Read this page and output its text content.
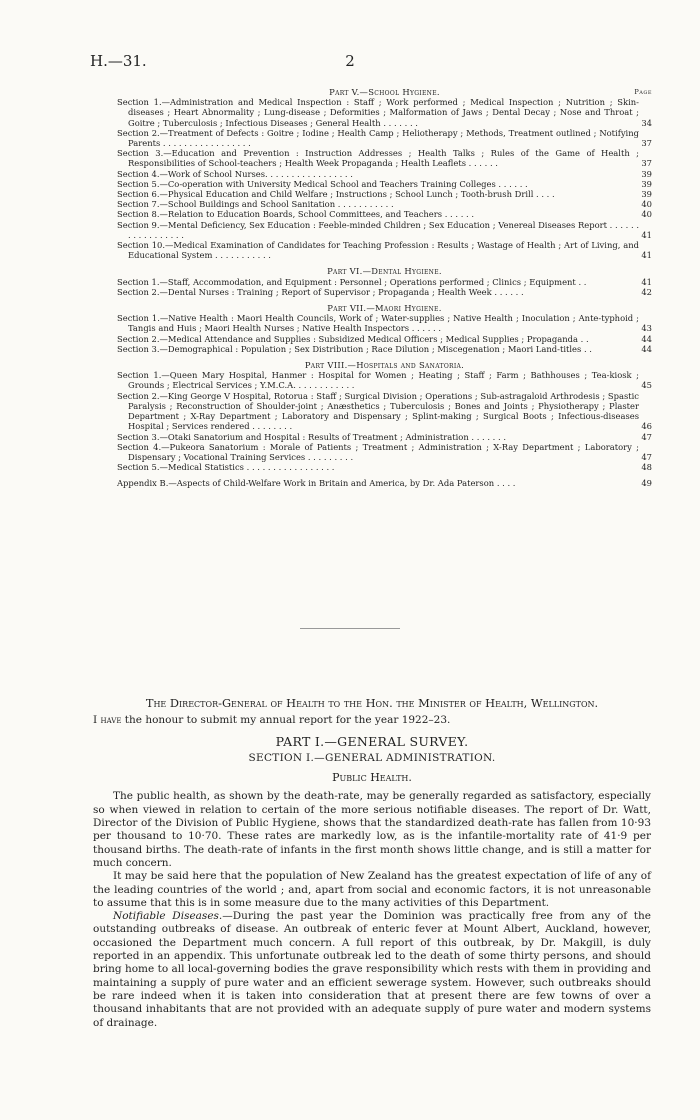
H.—31.	2
Page
Part V.—School Hygiene.
Section 1.—Administration and Medical Inspection : Staff ; Work performed ; Medical Inspection ; Nutrition ; Skin-diseases ; Heart Abnormality ; Lung-disease ; Deformities ; Malformation of Jaws ; Dental Decay ; Nose and Throat ; Goitre ; Tuberculosis ; Infectious Diseases ; General Health . . . . . . .	34
Section 2.—Treatment of Defects : Goitre ; Iodine ; Health Camp ; Heliotherapy ; Methods, Treatment outlined ; Notifying Parents . . . . . . . . . . . . . . . . .	37
Section 3.—Education and Prevention : Instruction Addresses ; Health Talks ; Rules of the Game of Health ; Responsibilities of School-teachers ; Health Week Propaganda ; Health Leaflets . . . . . .	37
Section 4.—Work of School Nurses. . . . . . . . . . . . . . . . .	39
Section 5.—Co-operation with University Medical School and Teachers Training Colleges . . . . . .	39
Section 6.—Physical Education and Child Welfare ; Instructions ; School Lunch ; Tooth-brush Drill . . . .	39
Section 7.—School Buildings and School Sanitation . . . . . . . . . . .	40
Section 8.—Relation to Education Boards, School Committees, and Teachers . . . . . .	40
Section 9.—Mental Deficiency, Sex Education : Feeble-minded Children ; Sex Education ; Venereal Diseases Report . . . . . . . . . . . . . . . . .	41
Section 10.—Medical Examination of Candidates for Teaching Profession : Results ; Wastage of Health ; Art of Living, and Educational System . . . . . . . . . . .	41
Part VI.—Dental Hygiene.
Section 1.—Staff, Accommodation, and Equipment : Personnel ; Operations performed ; Clinics ; Equipment . .	41
Section 2.—Dental Nurses : Training ; Report of Supervisor ; Propaganda ; Health Week . . . . . .	42
Part VII.—Maori Hygiene.
Section 1.—Native Health : Maori Health Councils, Work of ; Water-supplies ; Native Health ; Inoculation ; Ante-typhoid ; Tangis and Huis ; Maori Health Nurses ; Native Health Inspectors . . . . . .	43
Section 2.—Medical Attendance and Supplies : Subsidized Medical Officers ; Medical Supplies ; Propaganda . .	44
Section 3.—Demographical : Population ; Sex Distribution ; Race Dilution ; Miscegenation ; Maori Land-titles . .	44
Part VIII.—Hospitals and Sanatoria.
Section 1.—Queen Mary Hospital, Hanmer : Hospital for Women ; Heating ; Staff ; Farm ; Bathhouses ; Tea-kiosk ; Grounds ; Electrical Services ; Y.M.C.A. . . . . . . . . . . .	45
Section 2.—King George V Hospital, Rotorua : Staff ; Surgical Division ; Operations ; Sub-astragaloid Arthrodesis ; Spastic Paralysis ; Reconstruction of Shoulder-joint ; Anæsthetics ; Tuberculosis ; Bones and Joints ; Physiotherapy ; Plaster Department ; X-Ray Department ; Laboratory and Dispensary ; Splint-making ; Surgical Boots ; Infectious-diseases Hospital ; Services rendered . . . . . . . .	46
Section 3.—Otaki Sanatorium and Hospital : Results of Treatment ; Administration . . . . . . .	47
Section 4.—Pukeora Sanatorium : Morale of Patients ; Treatment ; Administration ; X-Ray Department ; Laboratory ; Dispensary ; Vocational Training Services . . . . . . . . .	47
Section 5.—Medical Statistics . . . . . . . . . . . . . . . . .	48
Appendix B.—Aspects of Child-Welfare Work in Britain and America, by Dr. Ada Paterson . . . .	49

The Director-General of Health to the Hon. the Minister of Health, Wellington.

I have the honour to submit my annual report for the year 1922–23.

PART I.—GENERAL SURVEY.
SECTION I.—GENERAL ADMINISTRATION.
Public Health.

The public health, as shown by the death-rate, may be generally regarded as satisfactory, especially so when viewed in relation to certain of the more serious notifiable diseases. The report of Dr. Watt, Director of the Division of Public Hygiene, shows that the standardized death-rate has fallen from 10·93 per thousand to 10·70. These rates are markedly low, as is the infantile-mortality rate of 41·9 per thousand births. The death-rate of infants in the first month shows little change, and is still a matter for much concern.

It may be said here that the population of New Zealand has the greatest expectation of life of any of the leading countries of the world ; and, apart from social and economic factors, it is not unreasonable to assume that this is in some measure due to the many activities of this Department.

Notifiable Diseases.—During the past year the Dominion was practically free from any of the outstanding outbreaks of disease. An outbreak of enteric fever at Mount Albert, Auckland, however, occasioned the Department much concern. A full report of this outbreak, by Dr. Makgill, is duly reported in an appendix. This unfortunate outbreak led to the death of some thirty persons, and should bring home to all local-governing bodies the grave responsibility which rests with them in providing and maintaining a supply of pure water and an efficient sewerage system. However, such outbreaks should be rare indeed when it is taken into consideration that at present there are few towns of over a thousand inhabitants that are not provided with an adequate supply of pure water and modern systems of drainage.
